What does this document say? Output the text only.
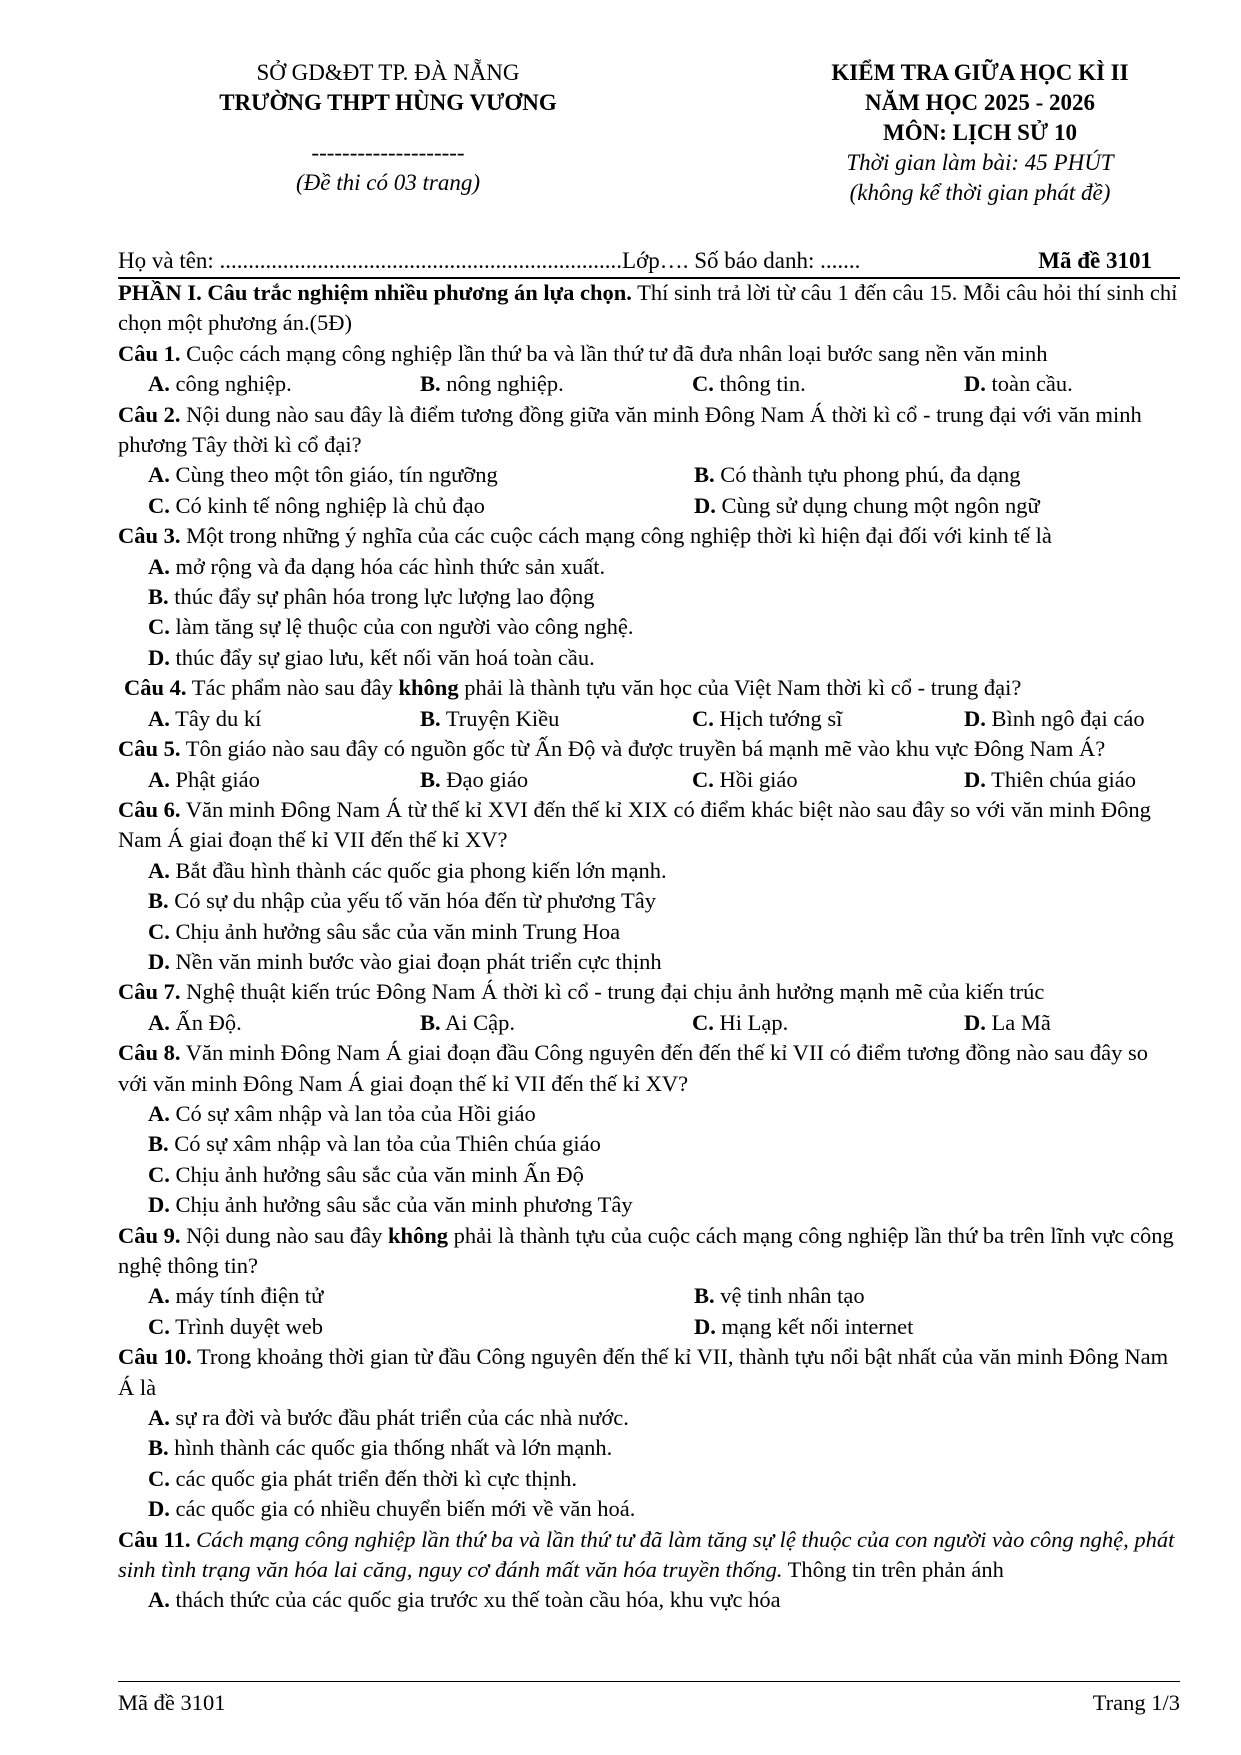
SỞ GD&ĐT TP. ĐÀ NẴNG
TRƯỜNG THPT HÙNG VƯƠNG
--------------------
(Đề thi có 03 trang)
KIỂM TRA GIỮA HỌC KÌ II
NĂM HỌC 2025 - 2026
MÔN: LỊCH SỬ 10
Thời gian làm bài: 45 PHÚT
(không kể thời gian phát đề)
Họ và tên: ......................................................................Lớp…. Số báo danh: .......	Mã đề 3101

PHẦN I. Câu trắc nghiệm nhiều phương án lựa chọn. Thí sinh trả lời từ câu 1 đến câu 15. Mỗi câu hỏi thí sinh chỉ chọn một phương án.(5Đ)

Câu 1. Cuộc cách mạng công nghiệp lần thứ ba và lần thứ tư đã đưa nhân loại bước sang nền văn minh

A. công nghiệp.	B. nông nghiệp.	C. thông tin.	D. toàn cầu.

Câu 2. Nội dung nào sau đây là điểm tương đồng giữa văn minh Đông Nam Á thời kì cổ - trung đại với văn minh phương Tây thời kì cổ đại?

A. Cùng theo một tôn giáo, tín ngưỡng	B. Có thành tựu phong phú, đa dạng
C. Có kinh tế nông nghiệp là chủ đạo	D. Cùng sử dụng chung một ngôn ngữ

Câu 3. Một trong những ý nghĩa của các cuộc cách mạng công nghiệp thời kì hiện đại đối với kinh tế là

A. mở rộng và đa dạng hóa các hình thức sản xuất.
B. thúc đẩy sự phân hóa trong lực lượng lao động
C. làm tăng sự lệ thuộc của con người vào công nghệ.
D. thúc đẩy sự giao lưu, kết nối văn hoá toàn cầu.

Câu 4. Tác phẩm nào sau đây không phải là thành tựu văn học của Việt Nam thời kì cổ - trung đại?

A. Tây du kí	B. Truyện Kiều	C. Hịch tướng sĩ	D. Bình ngô đại cáo

Câu 5. Tôn giáo nào sau đây có nguồn gốc từ Ấn Độ và được truyền bá mạnh mẽ vào khu vực Đông Nam Á?

A. Phật giáo	B. Đạo giáo	C. Hồi giáo	D. Thiên chúa giáo

Câu 6. Văn minh Đông Nam Á từ thế kỉ XVI đến thế kỉ XIX có điểm khác biệt nào sau đây so với văn minh Đông Nam Á giai đoạn thế kỉ VII đến thế kỉ XV?

A. Bắt đầu hình thành các quốc gia phong kiến lớn mạnh.
B. Có sự du nhập của yếu tố văn hóa đến từ phương Tây
C. Chịu ảnh hưởng sâu sắc của văn minh Trung Hoa
D. Nền văn minh bước vào giai đoạn phát triển cực thịnh

Câu 7. Nghệ thuật kiến trúc Đông Nam Á thời kì cổ - trung đại chịu ảnh hưởng mạnh mẽ của kiến trúc

A. Ấn Độ.	B. Ai Cập.	C. Hi Lạp.	D. La Mã

Câu 8. Văn minh Đông Nam Á giai đoạn đầu Công nguyên đến đến thế kỉ VII có điểm tương đồng nào sau đây so với văn minh Đông Nam Á giai đoạn thế kỉ VII đến thế kỉ XV?

A. Có sự xâm nhập và lan tỏa của Hồi giáo
B. Có sự xâm nhập và lan tỏa của Thiên chúa giáo
C. Chịu ảnh hưởng sâu sắc của văn minh Ấn Độ
D. Chịu ảnh hưởng sâu sắc của văn minh phương Tây

Câu 9. Nội dung nào sau đây không phải là thành tựu của cuộc cách mạng công nghiệp lần thứ ba trên lĩnh vực công nghệ thông tin?

A. máy tính điện tử	B. vệ tinh nhân tạo
C. Trình duyệt web	D. mạng kết nối internet

Câu 10. Trong khoảng thời gian từ đầu Công nguyên đến thế kỉ VII, thành tựu nổi bật nhất của văn minh Đông Nam Á là

A. sự ra đời và bước đầu phát triển của các nhà nước.
B. hình thành các quốc gia thống nhất và lớn mạnh.
C. các quốc gia phát triển đến thời kì cực thịnh.
D. các quốc gia có nhiều chuyển biến mới về văn hoá.

Câu 11. Cách mạng công nghiệp lần thứ ba và lần thứ tư đã làm tăng sự lệ thuộc của con người vào công nghệ, phát sinh tình trạng văn hóa lai căng, nguy cơ đánh mất văn hóa truyền thống. Thông tin trên phản ánh

A. thách thức của các quốc gia trước xu thế toàn cầu hóa, khu vực hóa
Mã đề 3101	Trang 1/3
